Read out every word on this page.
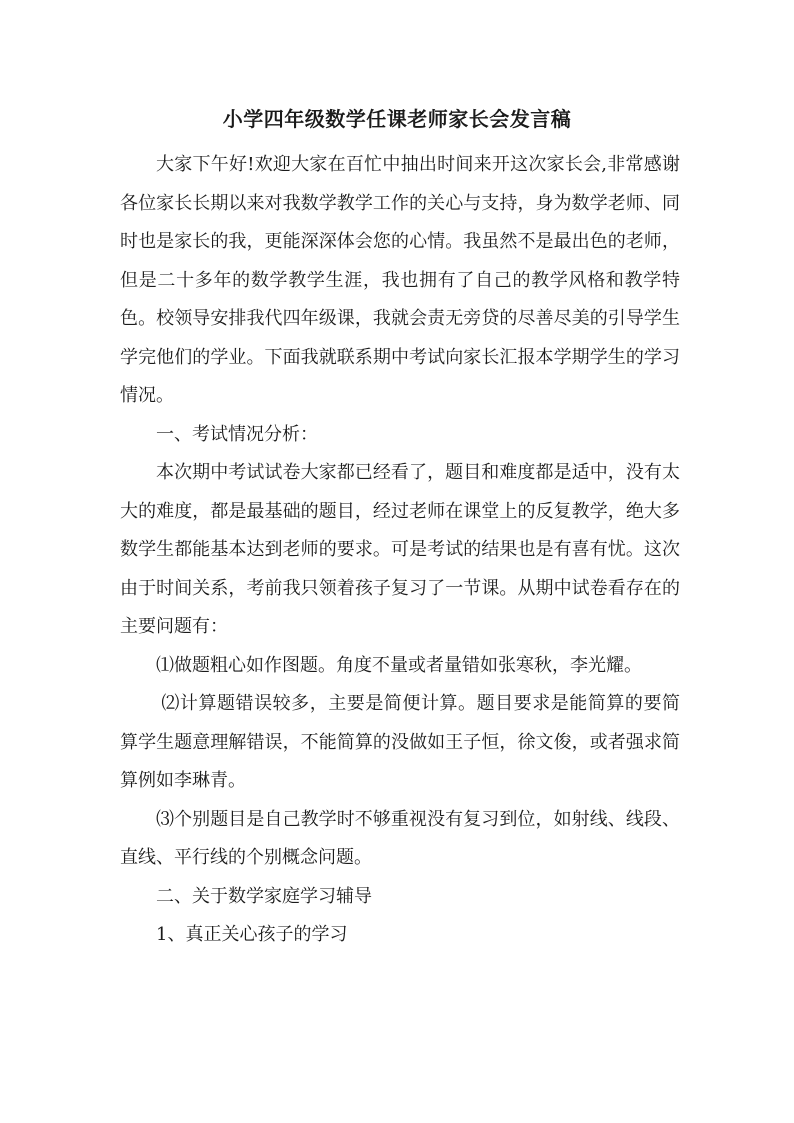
小学四年级数学任课老师家长会发言稿

大家下午好!欢迎大家在百忙中抽出时间来开这次家长会,非常感谢各位家长长期以来对我数学教学工作的关心与支持，身为数学老师、同时也是家长的我，更能深深体会您的心情。我虽然不是最出色的老师，但是二十多年的数学教学生涯，我也拥有了自己的教学风格和教学特色。校领导安排我代四年级课，我就会责无旁贷的尽善尽美的引导学生学完他们的学业。下面我就联系期中考试向家长汇报本学期学生的学习情况。

一、考试情况分析：

本次期中考试试卷大家都已经看了，题目和难度都是适中，没有太大的难度，都是最基础的题目，经过老师在课堂上的反复教学，绝大多数学生都能基本达到老师的要求。可是考试的结果也是有喜有忧。这次由于时间关系，考前我只领着孩子复习了一节课。从期中试卷看存在的主要问题有：

⑴做题粗心如作图题。角度不量或者量错如张寒秋，李光耀。

⑵计算题错误较多，主要是简便计算。题目要求是能简算的要简算学生题意理解错误，不能简算的没做如王子恒，徐文俊，或者强求简算例如李琳青。

⑶个别题目是自己教学时不够重视没有复习到位，如射线、线段、直线、平行线的个别概念问题。

二、关于数学家庭学习辅导

1、真正关心孩子的学习
